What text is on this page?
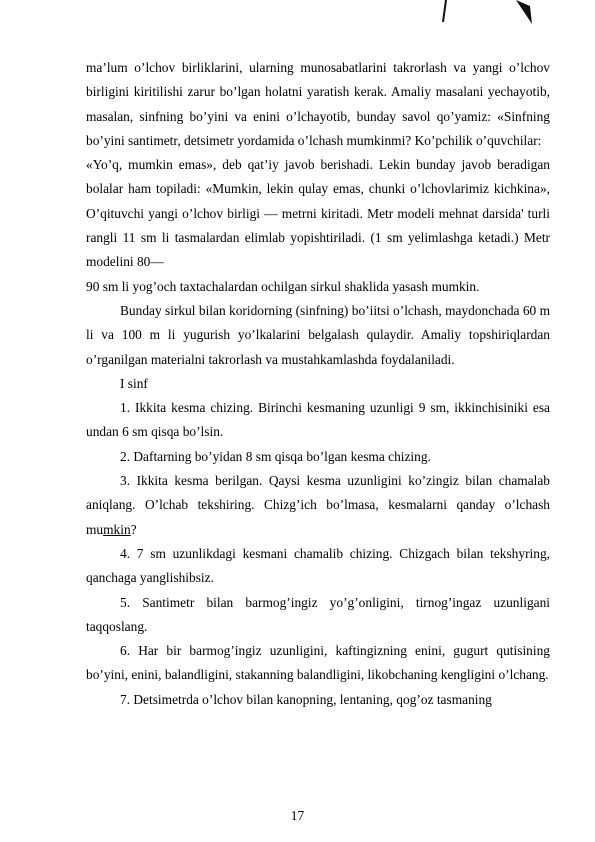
ma’lum o’lchov birliklarini, ularning munosabatlarini takrorlash va yangi o’lchov birligini kiritilishi zarur bo’lgan holatni yaratish kerak. Amaliy masalani yechayotib, masalan, sinfning bo’yini va enini o’lchayotib, bunday savol qo’yamiz: «Sinfning bo’yini santimetr, detsimetr yordamida o’lchash mumkinmi? Ko’pchilik o’quvchilar:

«Yo’q, mumkin emas», deb qat’iy javob berishadi. Lekin bunday javob beradigan bolalar ham topiladi: «Mumkin, lekin qulay emas, chunki o’lchovlarimiz kichkina», O’qituvchi yangi o’lchov birligi — metrni kiritadi. Metr modeli mehnat darsida' turli rangli 11 sm li tasmalardan elimlab yopishtiriladi. (1 sm yelimlashga ketadi.) Metr modelini 80—

90 sm li yog’och taxtachalardan ochilgan sirkul shaklida yasash mumkin.

Bunday sirkul bilan koridorning (sinfning) bo’iitsi o’lchash, maydonchada 60 m li va 100 m li yugurish yo’lkalarini belgalash qulaydir. Amaliy topshiriqlardan o’rganilgan materialni takrorlash va mustahkamlashda foydalaniladi.

I sinf

1. Ikkita kesma chizing. Birinchi kesmaning uzunligi 9 sm, ikkinchisiniki esa undan 6 sm qisqa bo’lsin.

2. Daftarning bo’yidan 8 sm qisqa bo’lgan kesma chizing.

3. Ikkita kesma berilgan. Qaysi kesma uzunligini ko’zingiz bilan chamalab aniqlang. O’lchab tekshiring. Chizg’ich bo’lmasa, kesmalarni qanday o’lchash mumkin?

4. 7 sm uzunlikdagi kesmani chamalib chizing. Chizgach bilan tekshyring, qanchaga yanglishibsiz.

5. Santimetr bilan barmog’ingiz yo’g’onligini, tirnog’ingaz uzunligani taqqoslang.

6. Har bir barmog’ingiz uzunligini, kaftingizning enini, gugurt qutisining bo’yini, enini, balandligini, stakanning balandligini, likobchaning kengligini o’lchang.

7. Detsimetrda o’lchov bilan kanopning, lentaning, qog’oz tasmaning

17
